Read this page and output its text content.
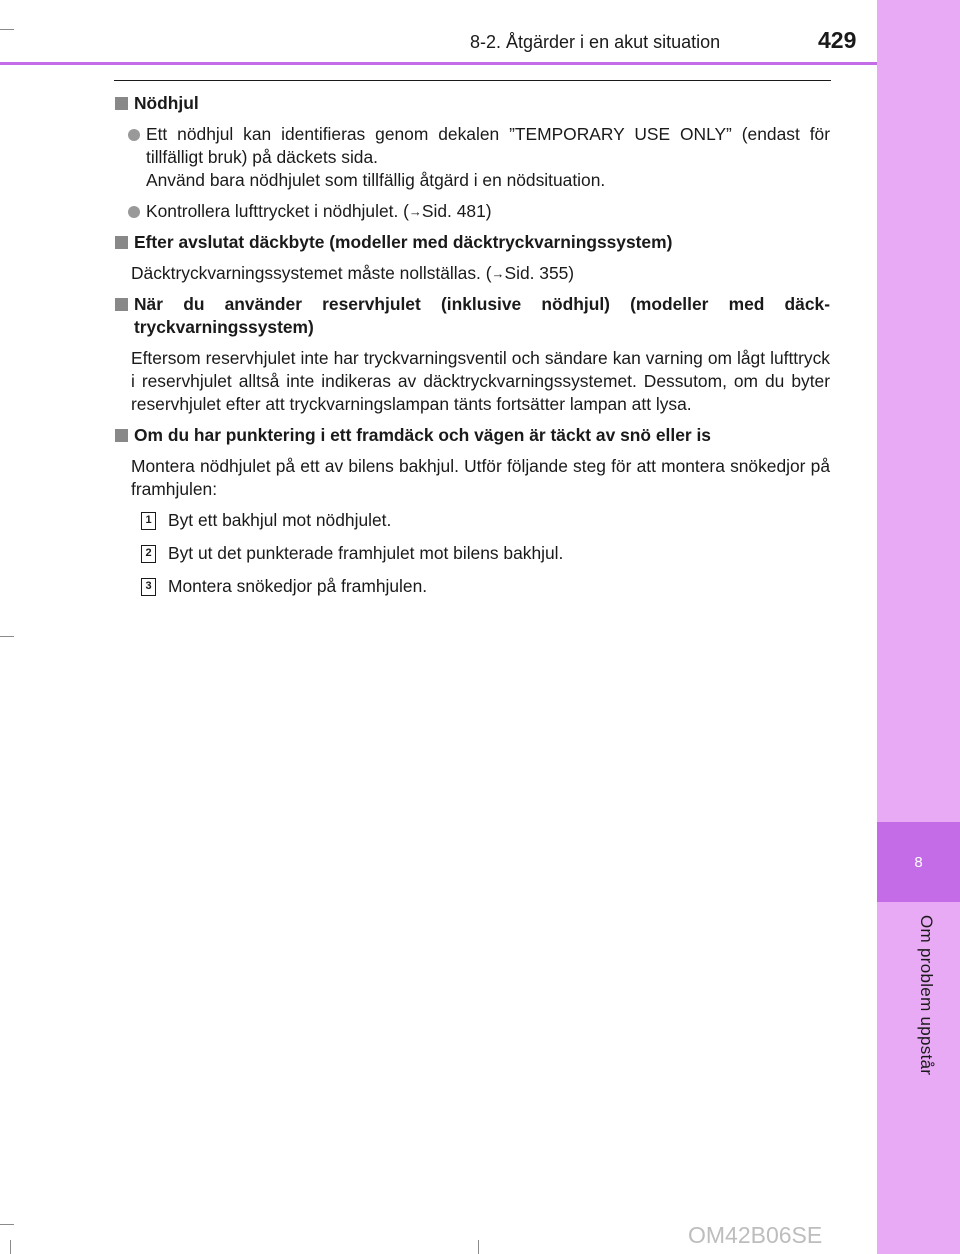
8
Om problem uppstår
8-2. Åtgärder i en akut situation	429
Nödhjul
Ett nödhjul kan identifieras genom dekalen ”TEMPORARY USE ONLY” (endast för tillfälligt bruk) på däckets sida.
Använd bara nödhjulet som tillfällig åtgärd i en nödsituation.
Kontrollera lufttrycket i nödhjulet. (→Sid. 481)
Efter avslutat däckbyte (modeller med däcktryckvarningssystem)
Däcktryckvarningssystemet måste nollställas. (→Sid. 355)
När du använder reservhjulet (inklusive nödhjul) (modeller med däck-tryckvarningssystem)
Eftersom reservhjulet inte har tryckvarningsventil och sändare kan varning om lågt lufttryck i reservhjulet alltså inte indikeras av däcktryckvarningssystemet. Dessutom, om du byter reservhjulet efter att tryckvarningslampan tänts fortsätter lampan att lysa.
Om du har punktering i ett framdäck och vägen är täckt av snö eller is
Montera nödhjulet på ett av bilens bakhjul. Utför följande steg för att montera snökedjor på framhjulen:
1 Byt ett bakhjul mot nödhjulet.
2 Byt ut det punkterade framhjulet mot bilens bakhjul.
3 Montera snökedjor på framhjulen.
OM42B06SE
